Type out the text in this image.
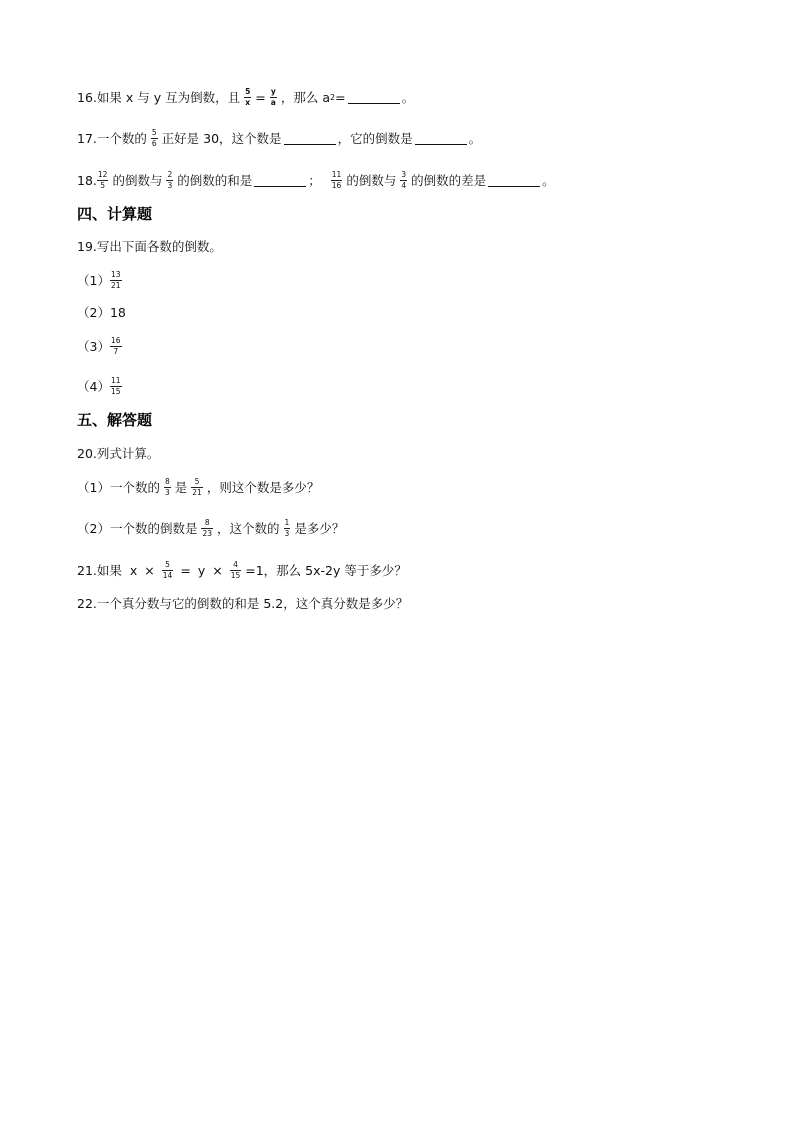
16.如果 x 与 y 互为倒数，且 $\frac{5}{x} = \frac{y}{a}$ ，那么 a 2 =	。
17.一个数的 $\frac{5}{6}$ 正好是 30，这个数是	，它的倒数是	。
18. $\frac{12}{5}$ 的倒数与 $\frac{2}{3}$ 的倒数的和是	； $\frac{11}{16}$ 的倒数与 $\frac{3}{4}$ 的倒数的差是	。
四、计算题
19.写出下面各数的倒数。
$(1) \frac{13}{21}$
（2） 18
$(3) \frac{16}{7}$
$(4) \frac{11}{15}$
五、解答题
20.列式计算。
（1）一个数的 $\frac{8}{3}$ 是 $\frac{5}{21}$ ，则这个数是多少？
（2）一个数的倒数是 $\frac{8}{23}$ ，这个数的 $\frac{1}{3}$ 是多少？
21.如果 $x \times \frac{5}{14} = y \times \frac{4}{15} =1$，那么 5x-2y 等于多少？
22.一个真分数与它的倒数的和是 5.2，这个真分数是多少？
